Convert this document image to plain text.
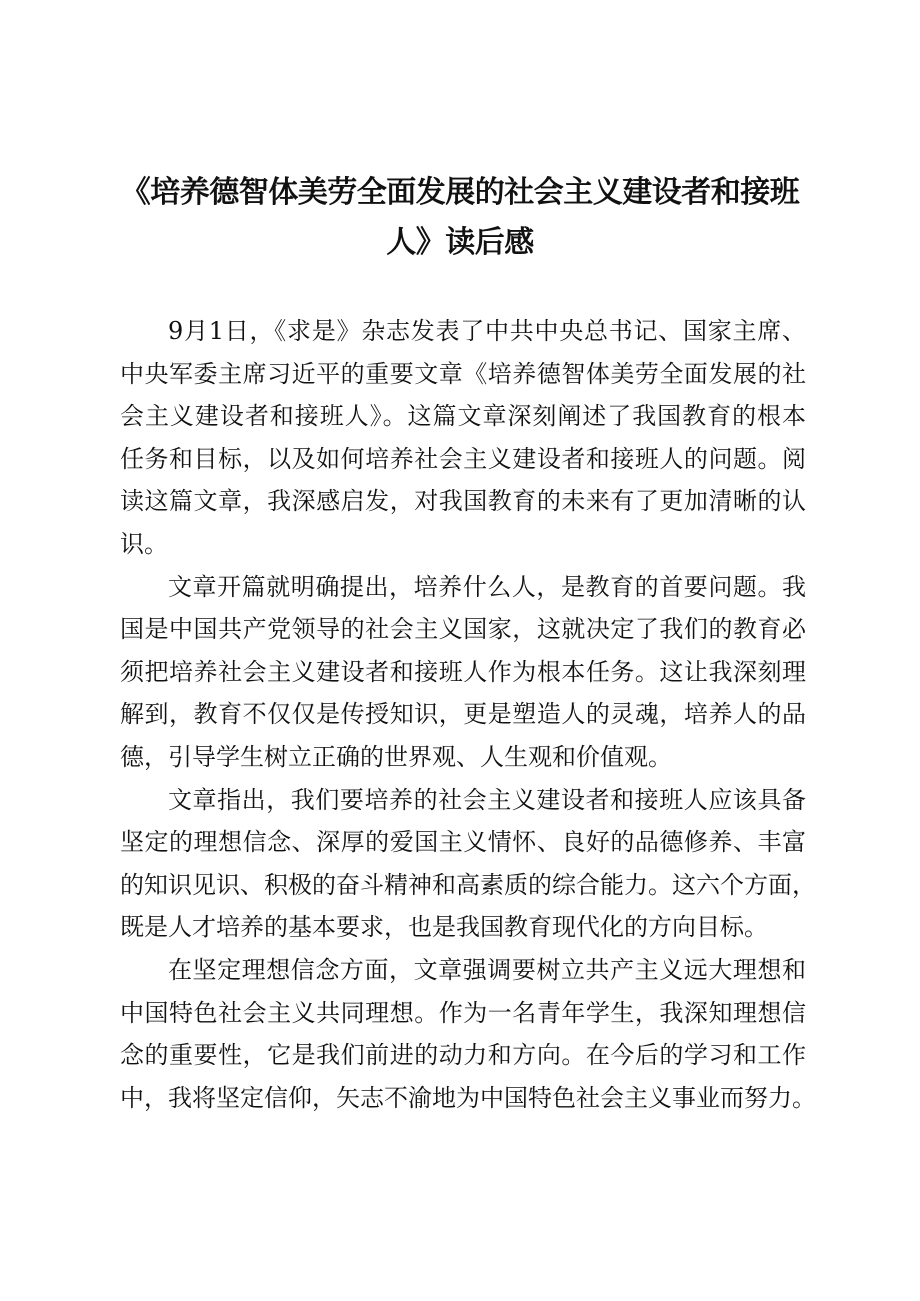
《培养德智体美劳全面发展的社会主义建设者和接班
人》读后感
9月1日，《求是》杂志发表了中共中央总书记、国家主席、
中央军委主席习近平的重要文章《培养德智体美劳全面发展的社
会主义建设者和接班人》。这篇文章深刻阐述了我国教育的根本
任务和目标，以及如何培养社会主义建设者和接班人的问题。阅
读这篇文章，我深感启发，对我国教育的未来有了更加清晰的认
识。
文章开篇就明确提出，培养什么人，是教育的首要问题。我
国是中国共产党领导的社会主义国家，这就决定了我们的教育必
须把培养社会主义建设者和接班人作为根本任务。这让我深刻理
解到，教育不仅仅是传授知识，更是塑造人的灵魂，培养人的品
德，引导学生树立正确的世界观、人生观和价值观。
文章指出，我们要培养的社会主义建设者和接班人应该具备
坚定的理想信念、深厚的爱国主义情怀、良好的品德修养、丰富
的知识见识、积极的奋斗精神和高素质的综合能力。这六个方面，
既是人才培养的基本要求，也是我国教育现代化的方向目标。
在坚定理想信念方面，文章强调要树立共产主义远大理想和
中国特色社会主义共同理想。作为一名青年学生，我深知理想信
念的重要性，它是我们前进的动力和方向。在今后的学习和工作
中，我将坚定信仰，矢志不渝地为中国特色社会主义事业而努力。
